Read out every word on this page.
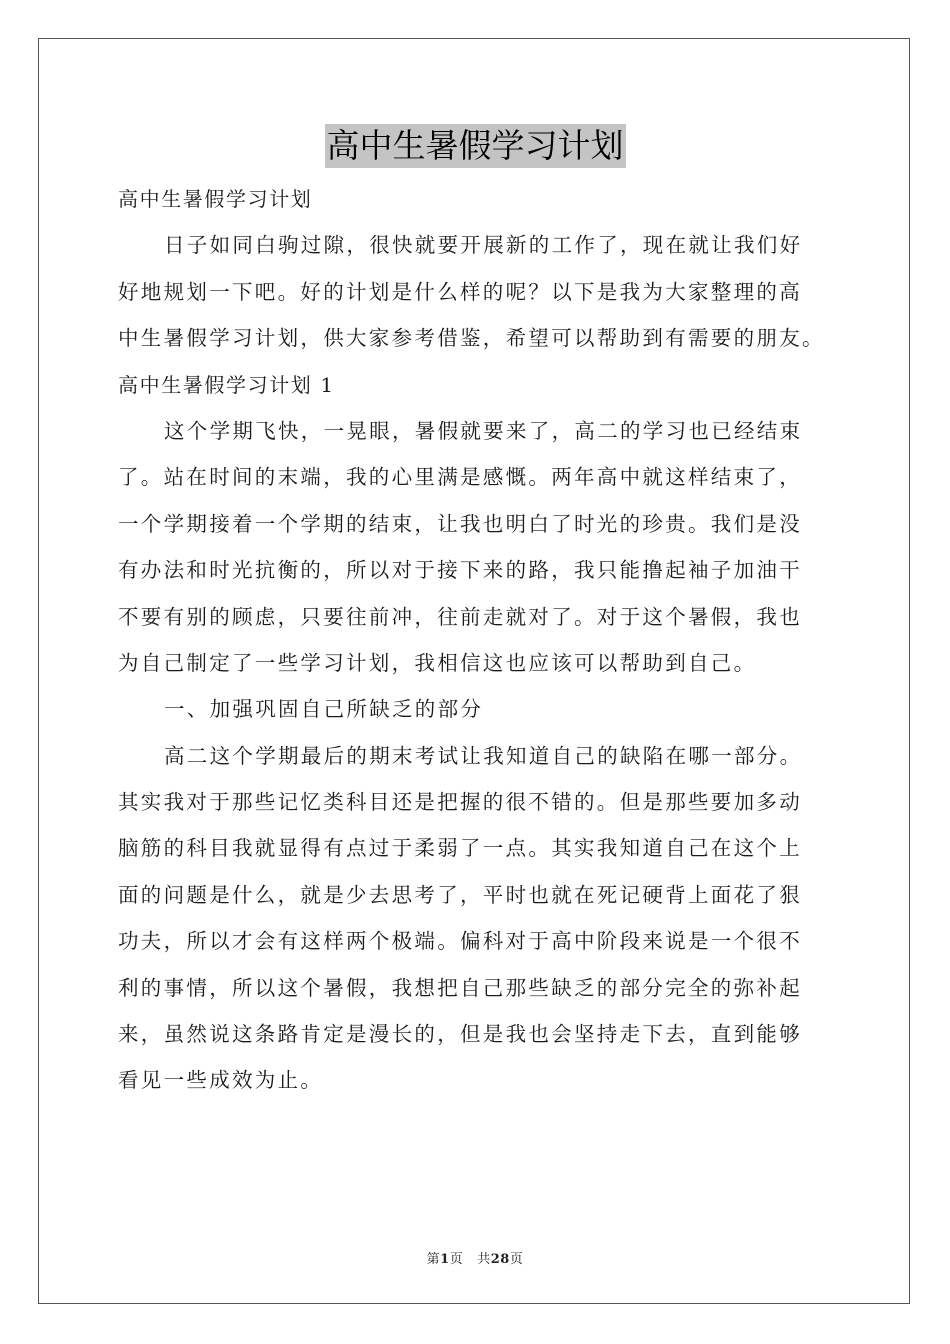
高中生暑假学习计划
高中生暑假学习计划
日子如同白驹过隙，很快就要开展新的工作了，现在就让我们好
好地规划一下吧。好的计划是什么样的呢？以下是我为大家整理的高
中生暑假学习计划，供大家参考借鉴，希望可以帮助到有需要的朋友。
高中生暑假学习计划 1
这个学期飞快，一晃眼，暑假就要来了，高二的学习也已经结束
了。站在时间的末端，我的心里满是感慨。两年高中就这样结束了，
一个学期接着一个学期的结束，让我也明白了时光的珍贵。我们是没
有办法和时光抗衡的，所以对于接下来的路，我只能撸起袖子加油干
不要有别的顾虑，只要往前冲，往前走就对了。对于这个暑假，我也
为自己制定了一些学习计划，我相信这也应该可以帮助到自己。
一、加强巩固自己所缺乏的部分
高二这个学期最后的期末考试让我知道自己的缺陷在哪一部分。
其实我对于那些记忆类科目还是把握的很不错的。但是那些要加多动
脑筋的科目我就显得有点过于柔弱了一点。其实我知道自己在这个上
面的问题是什么，就是少去思考了，平时也就在死记硬背上面花了狠
功夫，所以才会有这样两个极端。偏科对于高中阶段来说是一个很不
利的事情，所以这个暑假，我想把自己那些缺乏的部分完全的弥补起
来，虽然说这条路肯定是漫长的，但是我也会坚持走下去，直到能够
看见一些成效为止。
第1页 共28页
